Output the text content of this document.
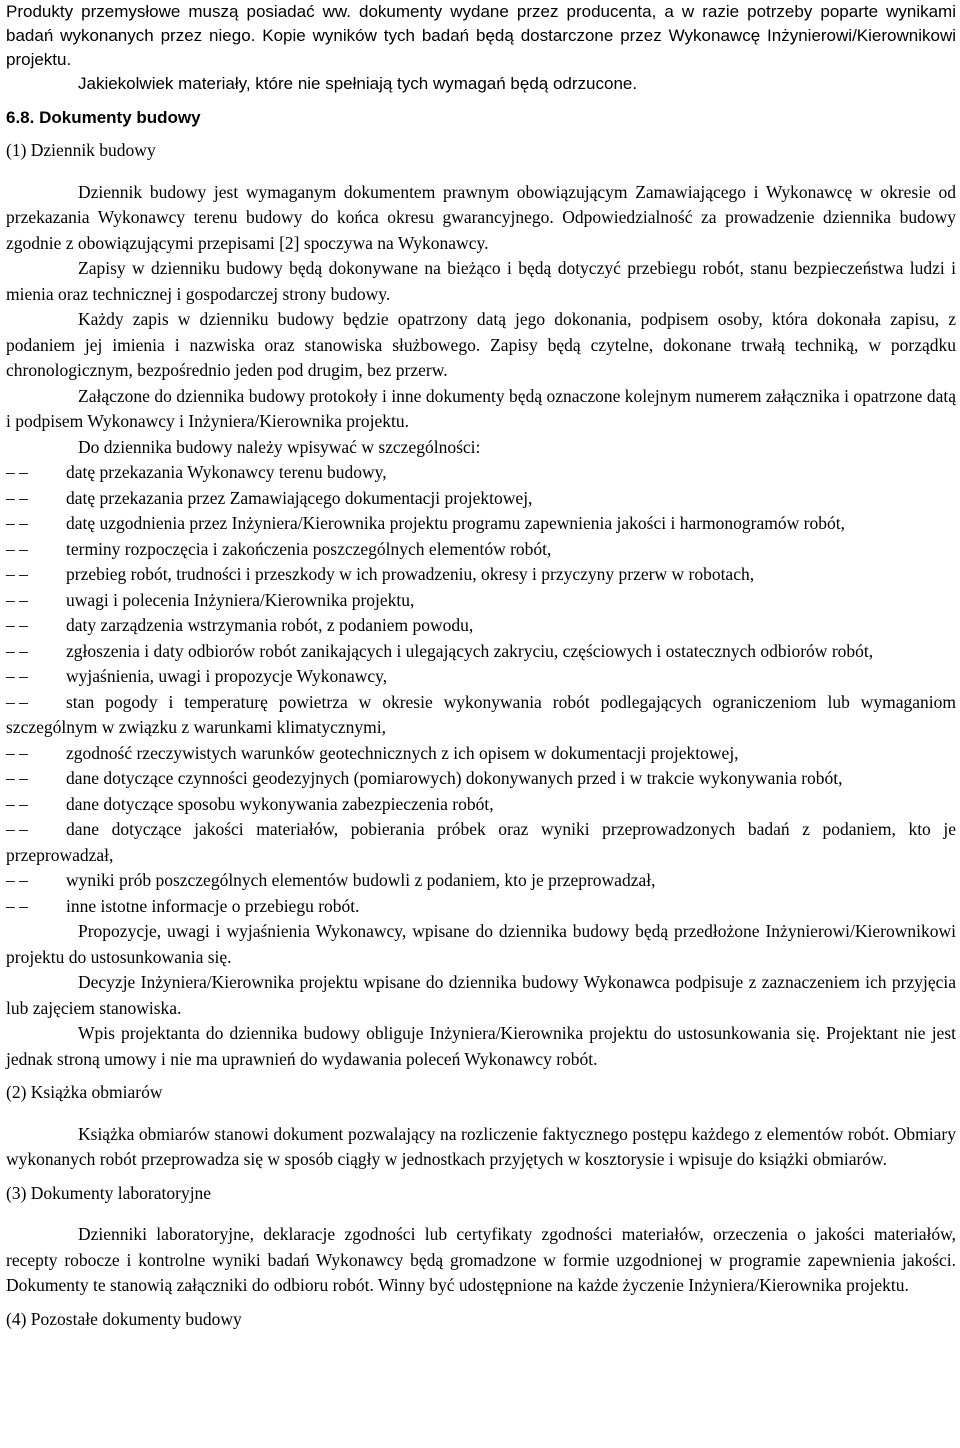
Produkty przemysłowe muszą posiadać ww. dokumenty wydane przez producenta, a w razie potrzeby poparte wynikami badań wykonanych przez niego. Kopie wyników tych badań będą dostarczone przez Wykonawcę Inżynierowi/Kierownikowi projektu.

Jakiekolwiek materiały, które nie spełniają tych wymagań będą odrzucone.

6.8. Dokumenty budowy

(1) Dziennik budowy

Dziennik budowy jest wymaganym dokumentem prawnym obowiązującym Zamawiającego i Wykonawcę w okresie od przekazania Wykonawcy terenu budowy do końca okresu gwarancyjnego. Odpowiedzialność za prowadzenie dziennika budowy zgodnie z obowiązującymi przepisami [2] spoczywa na Wykonawcy.

Zapisy w dzienniku budowy będą dokonywane na bieżąco i będą dotyczyć przebiegu robót, stanu bezpieczeństwa ludzi i mienia oraz technicznej i gospodarczej strony budowy.

Każdy zapis w dzienniku budowy będzie opatrzony datą jego dokonania, podpisem osoby, która dokonała zapisu, z podaniem jej imienia i nazwiska oraz stanowiska służbowego. Zapisy będą czytelne, dokonane trwałą techniką, w porządku chronologicznym, bezpośrednio jeden pod drugim, bez przerw.

Załączone do dziennika budowy protokoły i inne dokumenty będą oznaczone kolejnym numerem załącznika i opatrzone datą i podpisem Wykonawcy i Inżyniera/Kierownika projektu.

Do dziennika budowy należy wpisywać w szczególności:

– –	datę przekazania Wykonawcy terenu budowy,
– –	datę przekazania przez Zamawiającego dokumentacji projektowej,
– –	datę uzgodnienia przez Inżyniera/Kierownika projektu programu zapewnienia jakości i harmonogramów robót,
– –	terminy rozpoczęcia i zakończenia poszczególnych elementów robót,
– –	przebieg robót, trudności i przeszkody w ich prowadzeniu, okresy i przyczyny przerw w robotach,
– –	uwagi i polecenia Inżyniera/Kierownika projektu,
– –	daty zarządzenia wstrzymania robót, z podaniem powodu,
– –	zgłoszenia i daty odbiorów robót zanikających i ulegających zakryciu, częściowych i ostatecznych odbiorów robót,
– –	wyjaśnienia, uwagi i propozycje Wykonawcy,
– –	stan pogody i temperaturę powietrza w okresie wykonywania robót podlegających ograniczeniom lub wymaganiom szczególnym w związku z warunkami klimatycznymi,
– –	zgodność rzeczywistych warunków geotechnicznych z ich opisem w dokumentacji projektowej,
– –	dane dotyczące czynności geodezyjnych (pomiarowych) dokonywanych przed i w trakcie wykonywania robót,
– –	dane dotyczące sposobu wykonywania zabezpieczenia robót,
– –	dane dotyczące jakości materiałów, pobierania próbek oraz wyniki przeprowadzonych badań z podaniem, kto je przeprowadzał,
– –	wyniki prób poszczególnych elementów budowli z podaniem, kto je przeprowadzał,
– –	inne istotne informacje o przebiegu robót.

Propozycje, uwagi i wyjaśnienia Wykonawcy, wpisane do dziennika budowy będą przedłożone Inżynierowi/Kierownikowi projektu do ustosunkowania się.

Decyzje Inżyniera/Kierownika projektu wpisane do dziennika budowy Wykonawca podpisuje z zaznaczeniem ich przyjęcia lub zajęciem stanowiska.

Wpis projektanta do dziennika budowy obliguje Inżyniera/Kierownika projektu do ustosunkowania się. Projektant nie jest jednak stroną umowy i nie ma uprawnień do wydawania poleceń Wykonawcy robót.

(2) Książka obmiarów

Książka obmiarów stanowi dokument pozwalający na rozliczenie faktycznego postępu każdego z elementów robót. Obmiary wykonanych robót przeprowadza się w sposób ciągły w jednostkach przyjętych w kosztorysie i wpisuje do książki obmiarów.

(3) Dokumenty laboratoryjne

Dzienniki laboratoryjne, deklaracje zgodności lub certyfikaty zgodności materiałów, orzeczenia o jakości materiałów, recepty robocze i kontrolne wyniki badań Wykonawcy będą gromadzone w formie uzgodnionej w programie zapewnienia jakości. Dokumenty te stanowią załączniki do odbioru robót. Winny być udostępnione na każde życzenie Inżyniera/Kierownika projektu.

(4) Pozostałe dokumenty budowy
